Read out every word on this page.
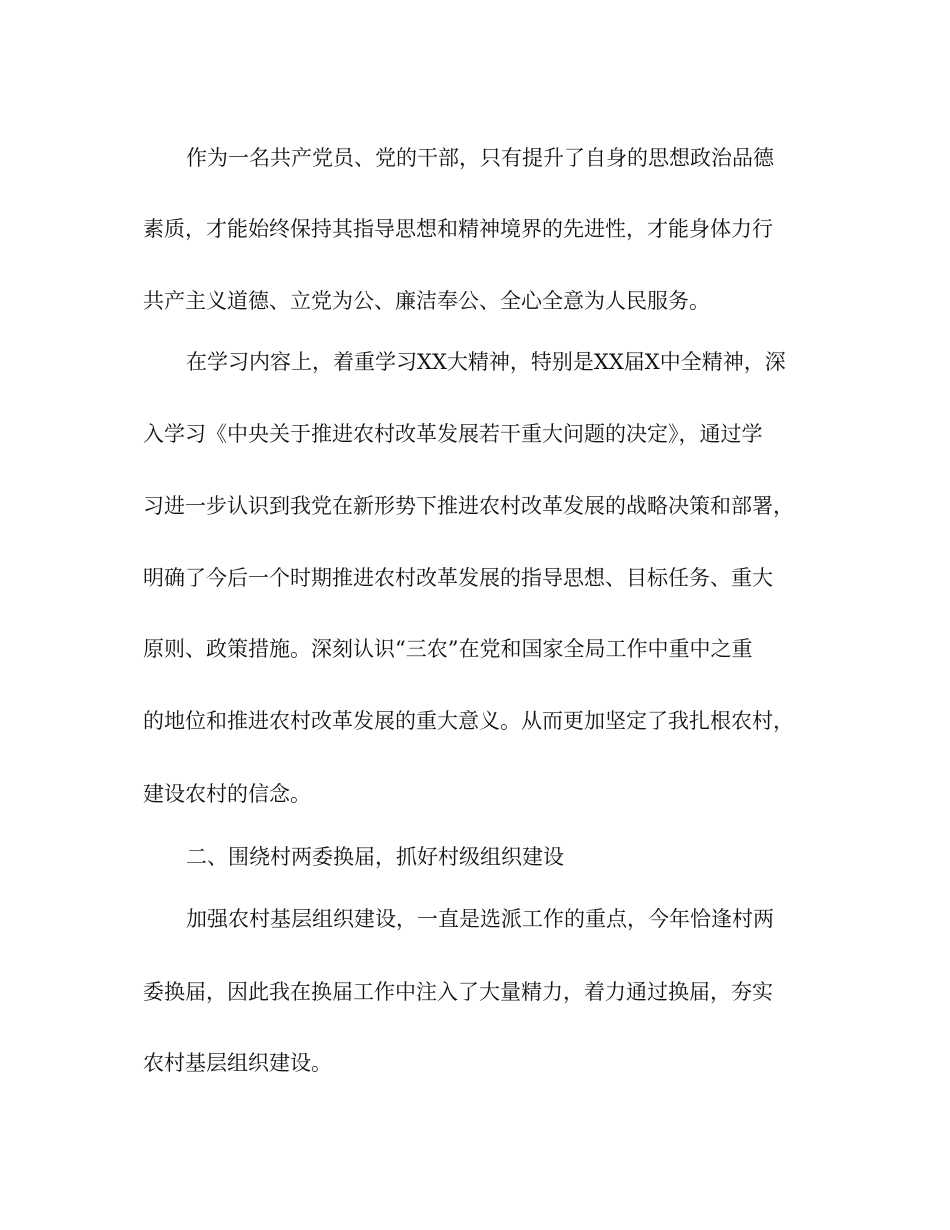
作为一名共产党员、党的干部，只有提升了自身的思想政治品德
素质，才能始终保持其指导思想和精神境界的先进性，才能身体力行
共产主义道德、立党为公、廉洁奉公、全心全意为人民服务。
在学习内容上，着重学习XX大精神，特别是XX届X中全精神，深
入学习《中央关于推进农村改革发展若干重大问题的决定》，通过学
习进一步认识到我党在新形势下推进农村改革发展的战略决策和部署，
明确了今后一个时期推进农村改革发展的指导思想、目标任务、重大
原则、政策措施。深刻认识“三农”在党和国家全局工作中重中之重
的地位和推进农村改革发展的重大意义。从而更加坚定了我扎根农村，
建设农村的信念。
二、围绕村两委换届，抓好村级组织建设
加强农村基层组织建设，一直是选派工作的重点，今年恰逢村两
委换届，因此我在换届工作中注入了大量精力，着力通过换届，夯实
农村基层组织建设。
